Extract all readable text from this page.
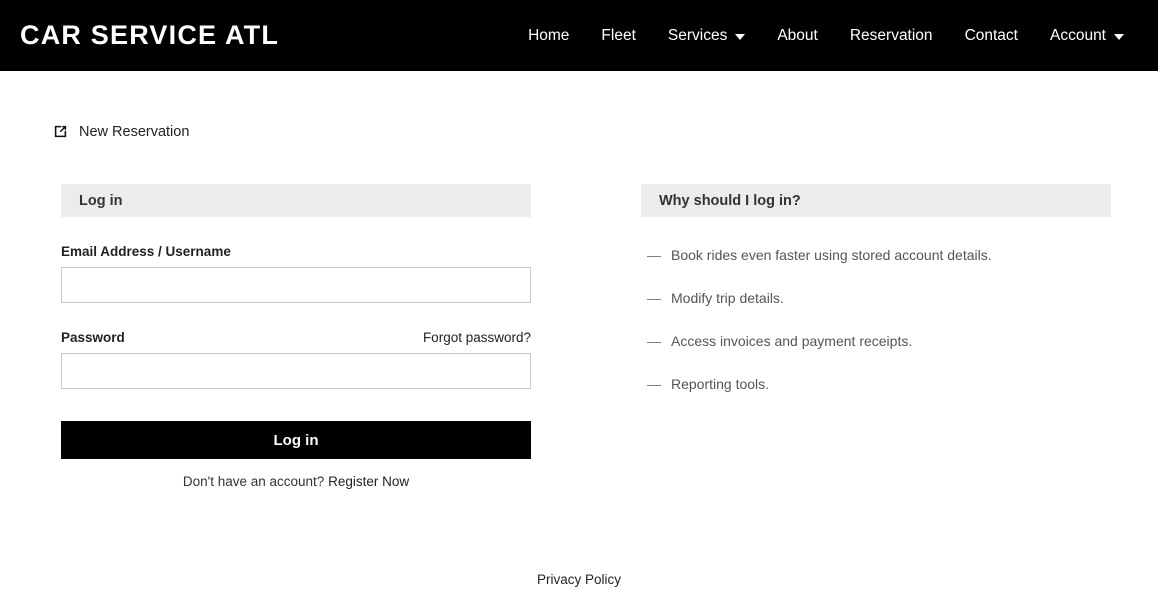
CAR SERVICE ATL	Home Fleet Services	About Reservation Contact Account
New Reservation
Log in
Email Address / Username
Password	Forgot password?
Log in
Don't have an account? Register Now
Why should I log in?
— Book rides even faster using stored account details.
— Modify trip details.
— Access invoices and payment receipts.
— Reporting tools.
Privacy Policy
